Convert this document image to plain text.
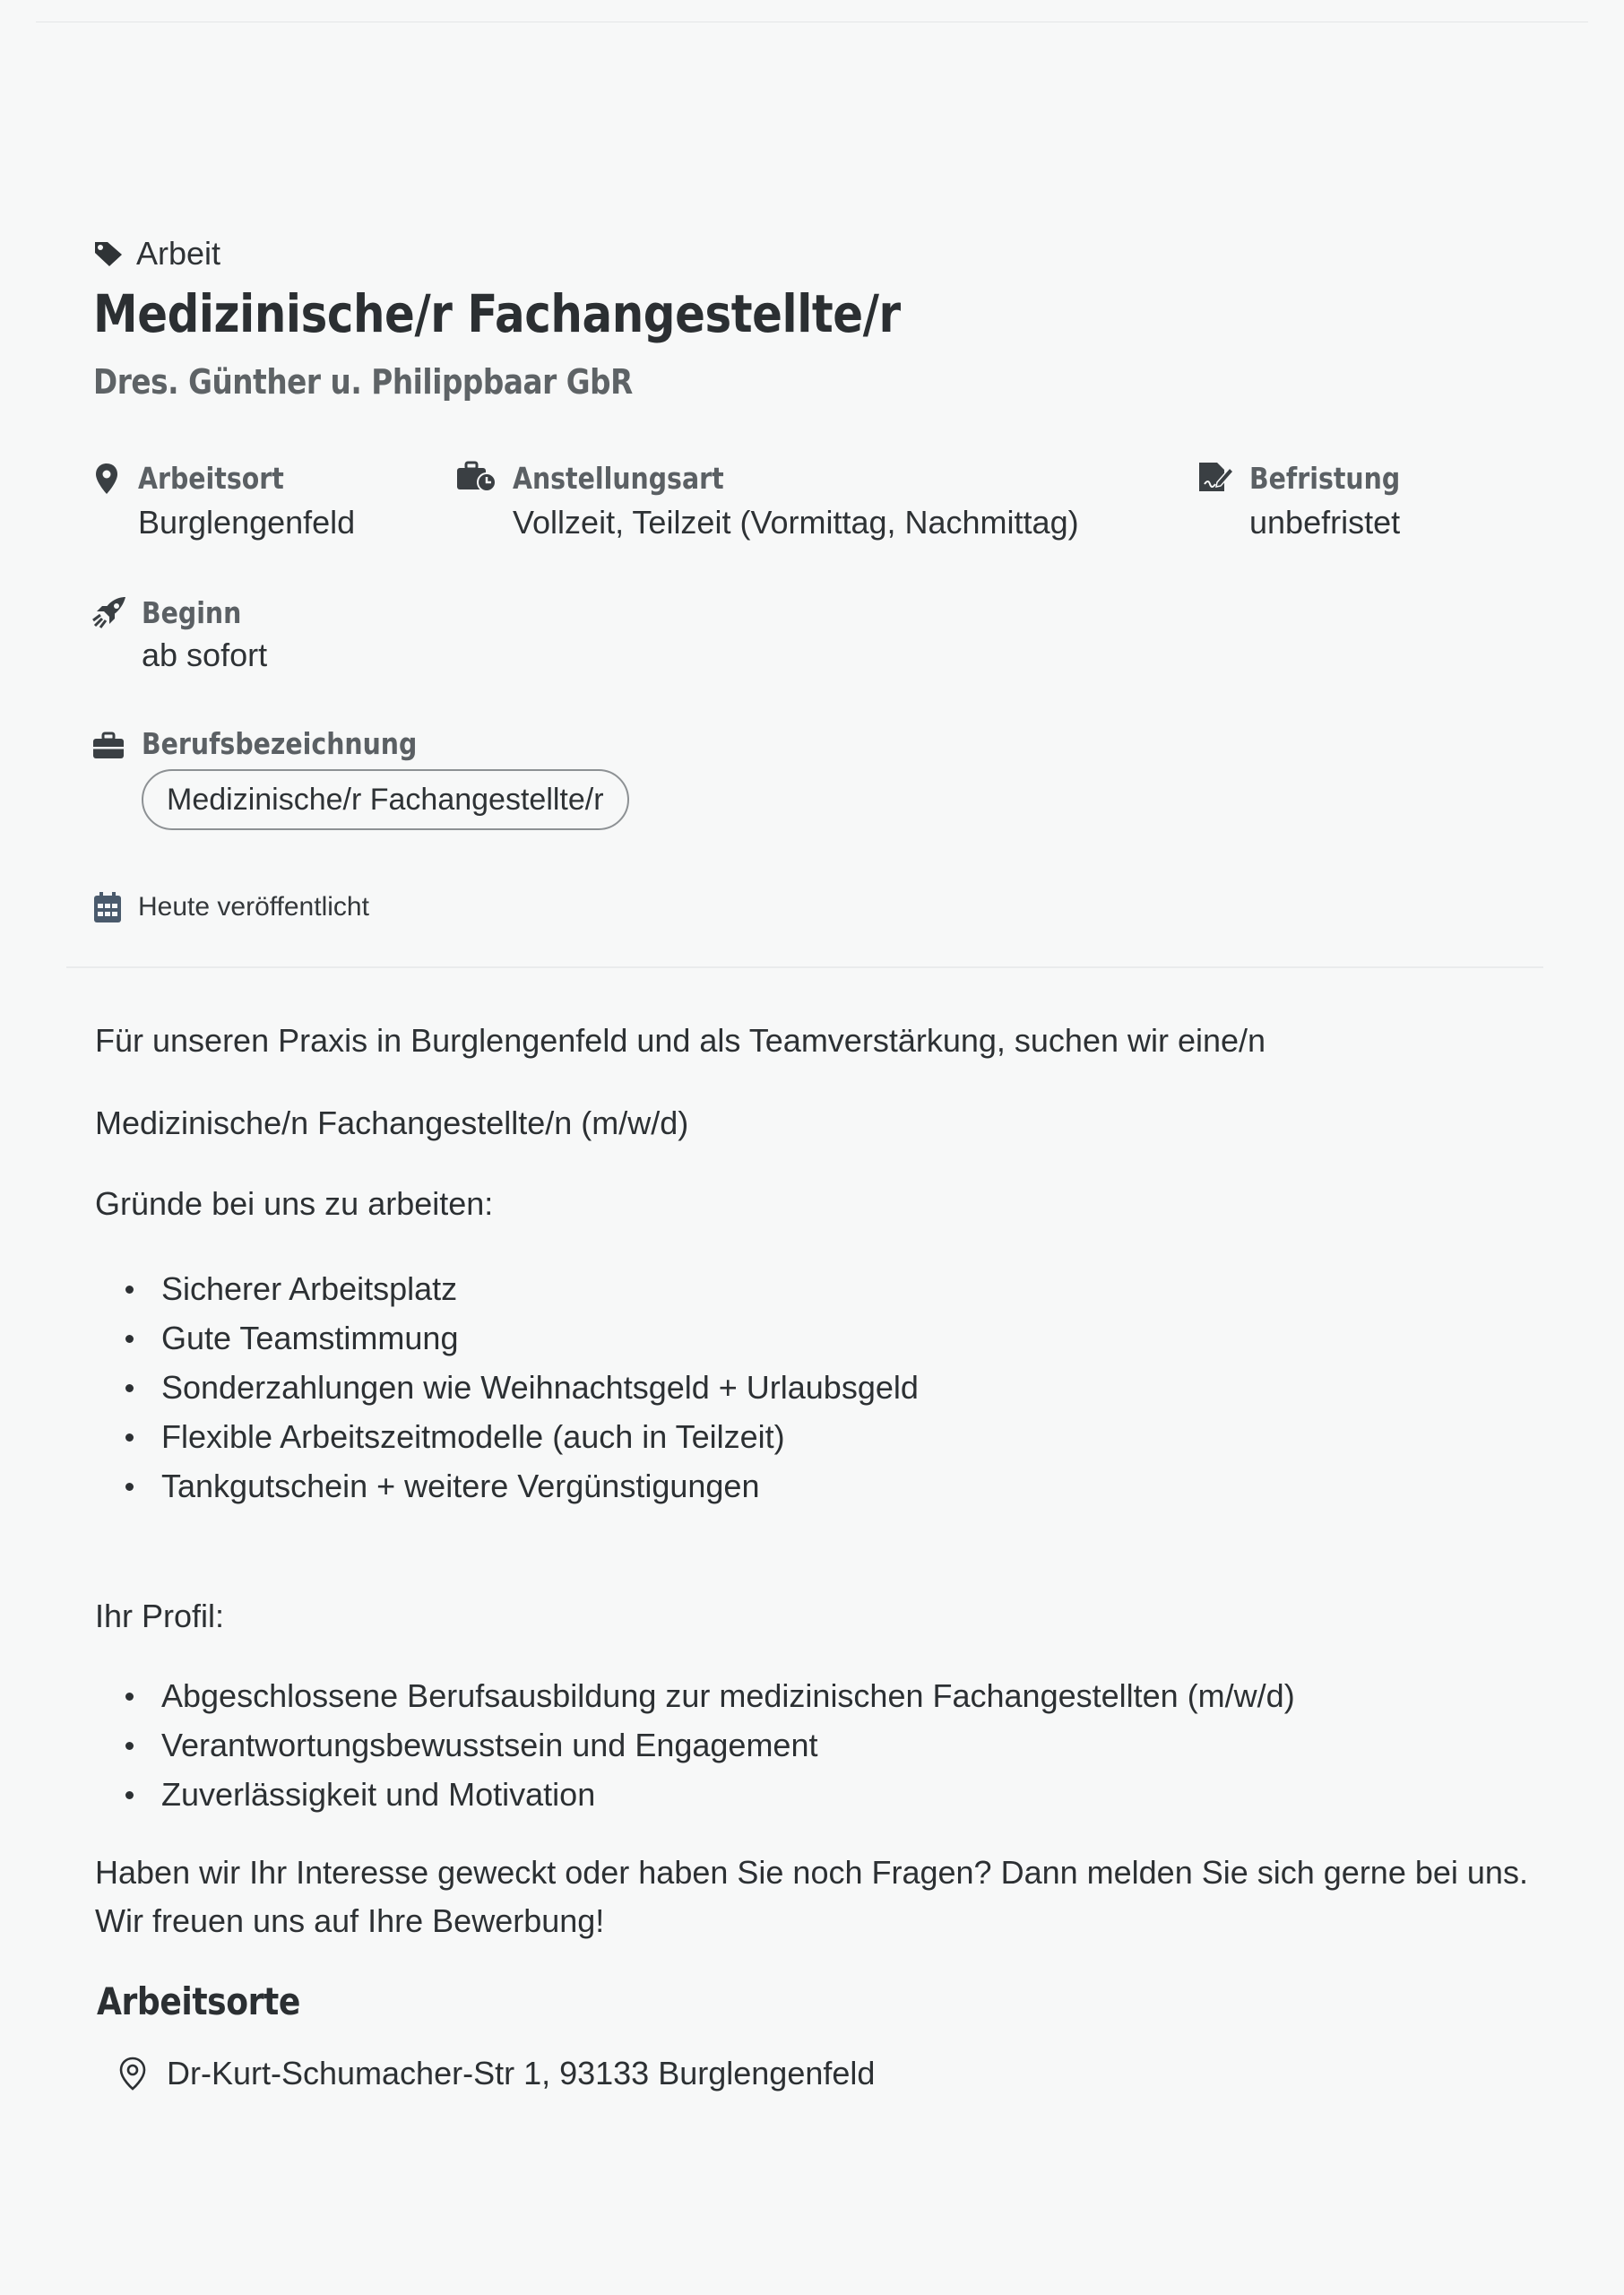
Arbeit
Medizinische/r Fachangestellte/r
Dres. Günther u. Philippbaar GbR
Arbeitsort
Burglengenfeld
Anstellungsart
Vollzeit, Teilzeit (Vormittag, Nachmittag)
Befristung
unbefristet
Beginn
ab sofort
Berufsbezeichnung
Medizinische/r Fachangestellte/r
Heute veröffentlicht
Für unseren Praxis in Burglengenfeld und als Teamverstärkung, suchen wir eine/n
Medizinische/n Fachangestellte/n (m/w/d)
Gründe bei uns zu arbeiten:
Sicherer Arbeitsplatz
Gute Teamstimmung
Sonderzahlungen wie Weihnachtsgeld + Urlaubsgeld
Flexible Arbeitszeitmodelle (auch in Teilzeit)
Tankgutschein + weitere Vergünstigungen
Ihr Profil:
Abgeschlossene Berufsausbildung zur medizinischen Fachangestellten (m/w/d)
Verantwortungsbewusstsein und Engagement
Zuverlässigkeit und Motivation
Haben wir Ihr Interesse geweckt oder haben Sie noch Fragen? Dann melden Sie sich gerne bei uns.
Wir freuen uns auf Ihre Bewerbung!
Arbeitsorte
Dr-Kurt-Schumacher-Str 1, 93133 Burglengenfeld
